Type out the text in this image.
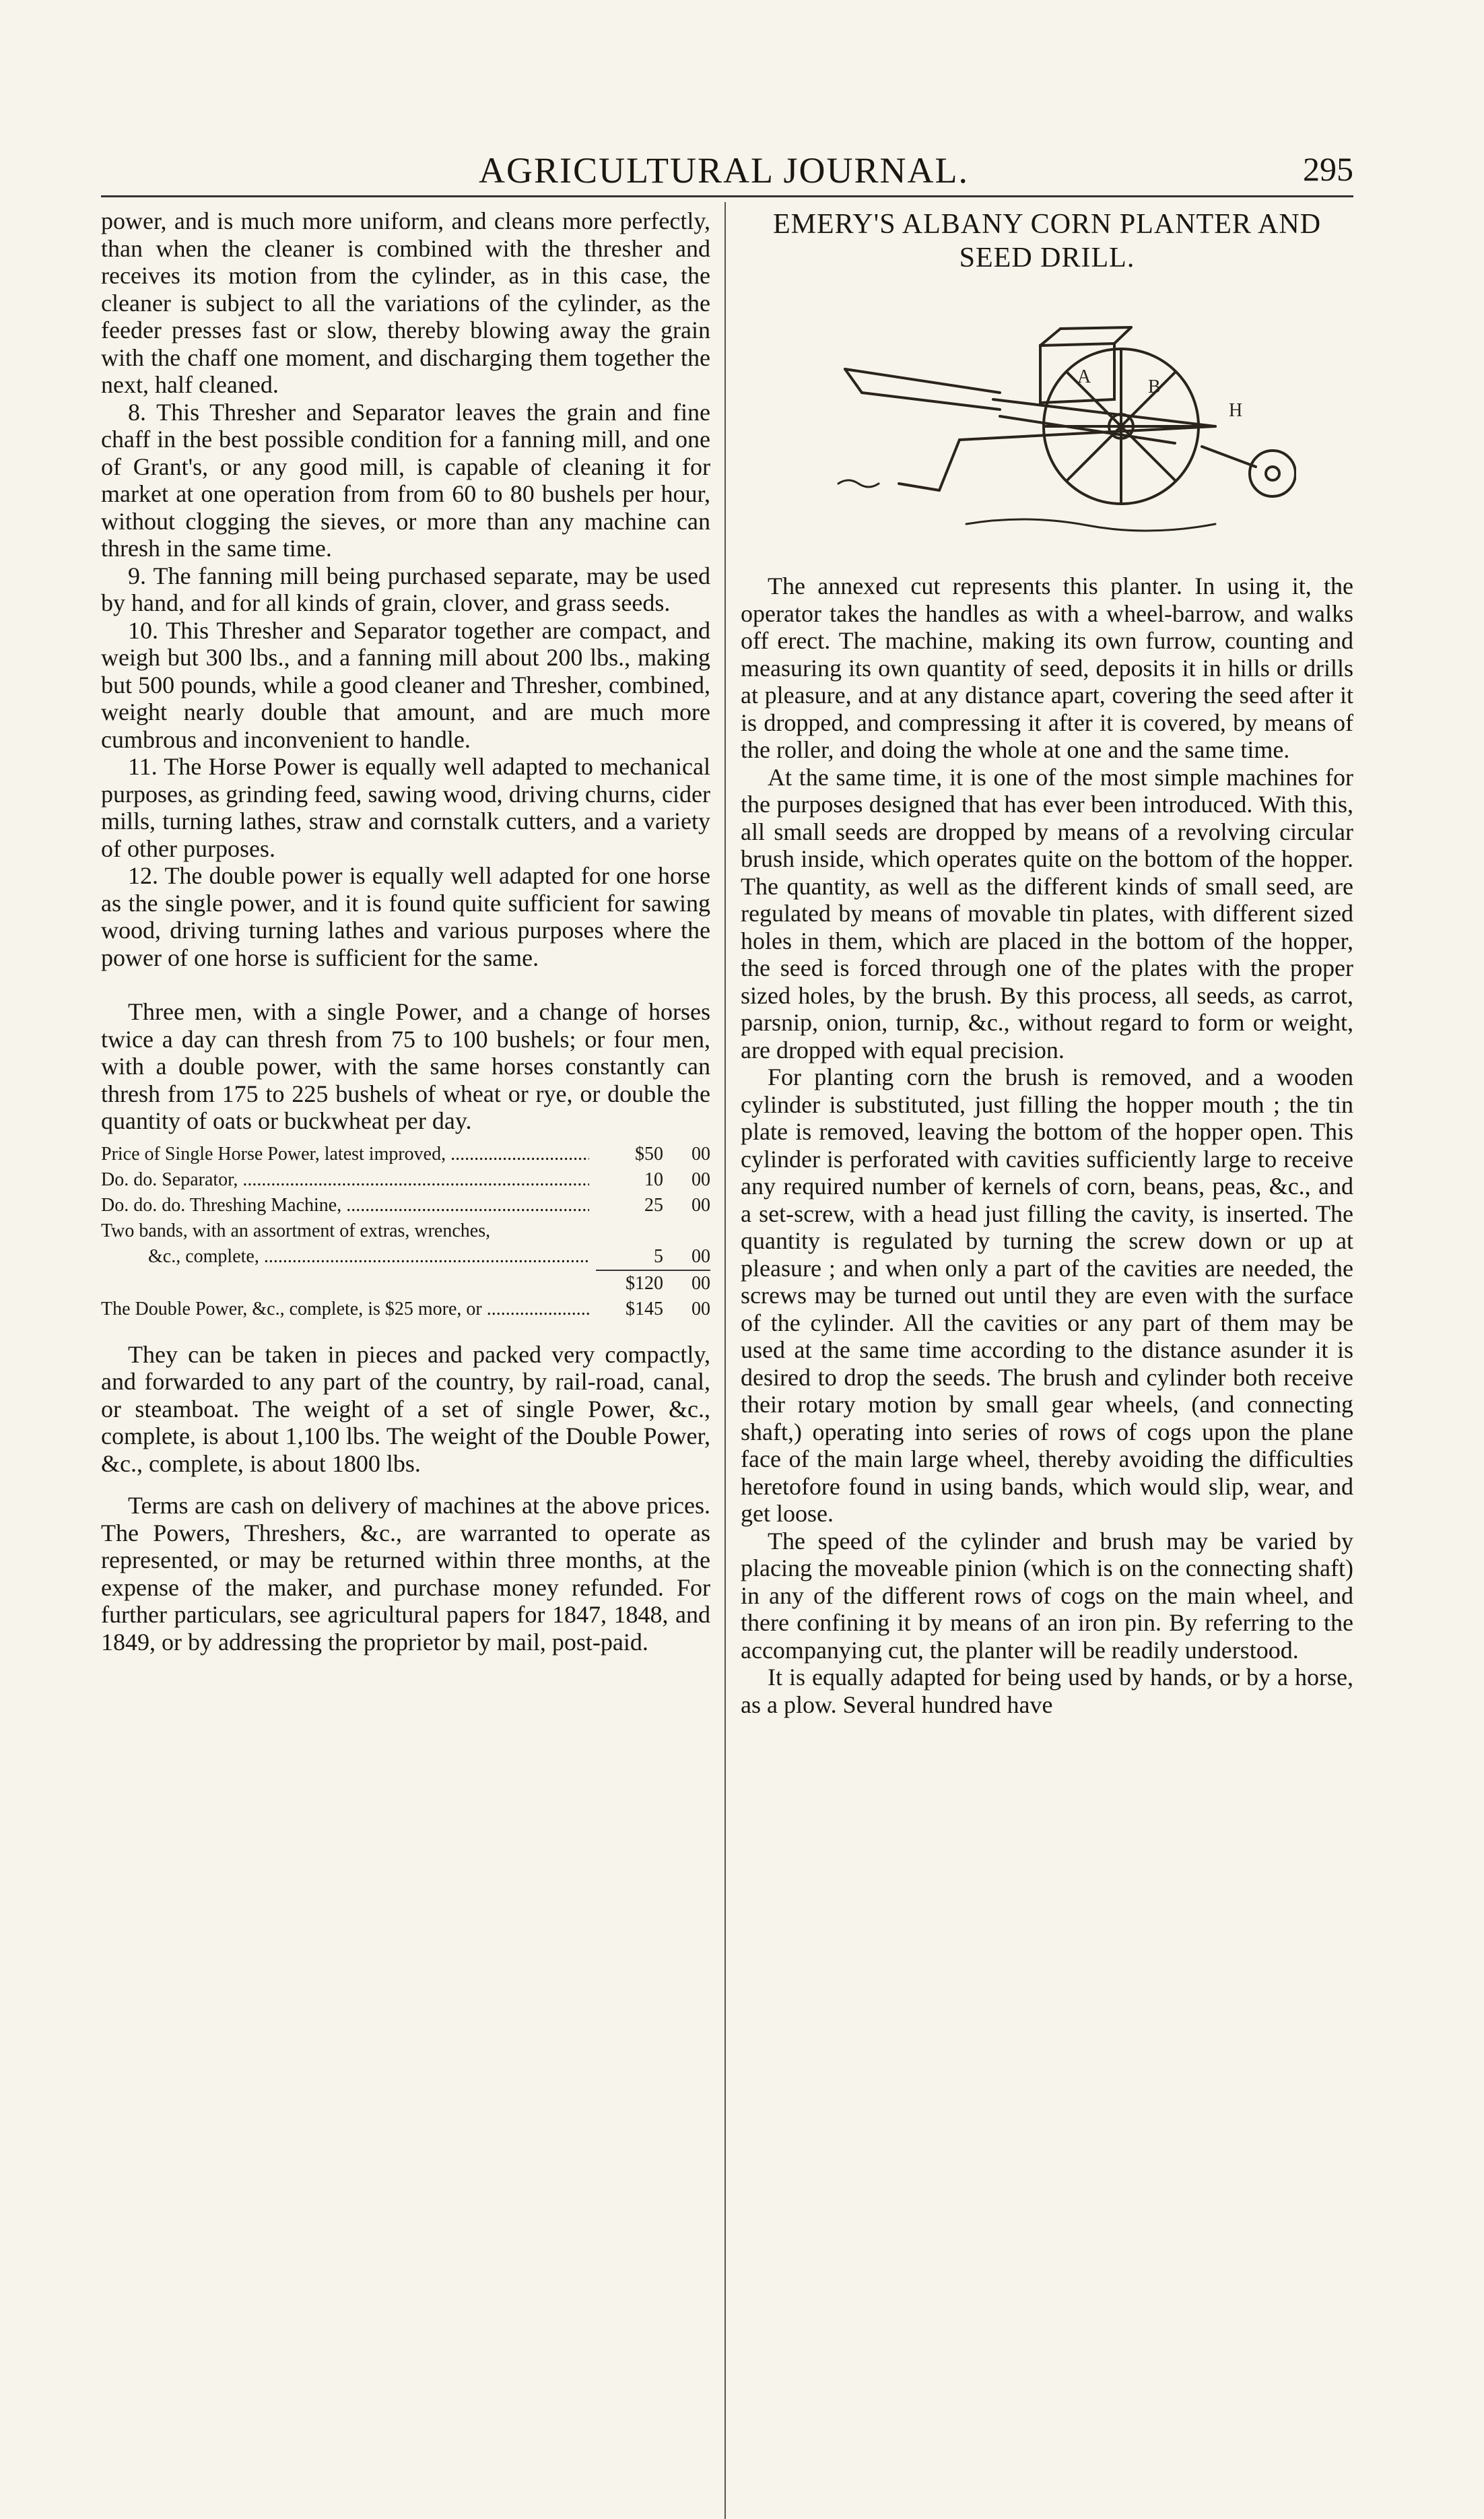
AGRICULTURAL JOURNAL.	295

power, and is much more uniform, and cleans more perfectly, than when the cleaner is combined with the thresher and receives its motion from the cylinder, as in this case, the cleaner is subject to all the variations of the cylinder, as the feeder presses fast or slow, thereby blowing away the grain with the chaff one moment, and discharging them together the next, half cleaned.

8. This Thresher and Separator leaves the grain and fine chaff in the best possible condition for a fanning mill, and one of Grant's, or any good mill, is capable of cleaning it for market at one operation from from 60 to 80 bushels per hour, without clogging the sieves, or more than any machine can thresh in the same time.

9. The fanning mill being purchased separate, may be used by hand, and for all kinds of grain, clover, and grass seeds.

10. This Thresher and Separator together are compact, and weigh but 300 lbs., and a fanning mill about 200 lbs., making but 500 pounds, while a good cleaner and Thresher, combined, weight nearly double that amount, and are much more cumbrous and inconvenient to handle.

11. The Horse Power is equally well adapted to mechanical purposes, as grinding feed, sawing wood, driving churns, cider mills, turning lathes, straw and cornstalk cutters, and a variety of other purposes.

12. The double power is equally well adapted for one horse as the single power, and it is found quite sufficient for sawing wood, driving turning lathes and various purposes where the power of one horse is sufficient for the same.

Three men, with a single Power, and a change of horses twice a day can thresh from 75 to 100 bushels; or four men, with a double power, with the same horses constantly can thresh from 175 to 225 bushels of wheat or rye, or double the quantity of oats or buckwheat per day.

Price of Single Horse Power, latest improved, .....	$50	00
Do. do. Separator, .....	10	00
Do. do. do. Threshing Machine, .....	25	00
Two bands, with an assortment of extras, wrenches,
&c., complete, .....	5	00
$120	00
The Double Power, &c., complete, is $25 more, or .....	$145	00

They can be taken in pieces and packed very compactly, and forwarded to any part of the country, by rail-road, canal, or steamboat. The weight of a set of single Power, &c., complete, is about 1,100 lbs. The weight of the Double Power, &c., complete, is about 1800 lbs.

Terms are cash on delivery of machines at the above prices. The Powers, Threshers, &c., are warranted to operate as represented, or may be returned within three months, at the expense of the maker, and purchase money refunded. For further particulars, see agricultural papers for 1847, 1848, and 1849, or by addressing the proprietor by mail, post-paid.

EMERY'S ALBANY CORN PLANTER AND
SEED DRILL.
A	B
H

The annexed cut represents this planter. In using it, the operator takes the handles as with a wheel-barrow, and walks off erect. The machine, making its own furrow, counting and measuring its own quantity of seed, deposits it in hills or drills at pleasure, and at any distance apart, covering the seed after it is dropped, and compressing it after it is covered, by means of the roller, and doing the whole at one and the same time.

At the same time, it is one of the most simple machines for the purposes designed that has ever been introduced. With this, all small seeds are dropped by means of a revolving circular brush inside, which operates quite on the bottom of the hopper. The quantity, as well as the different kinds of small seed, are regulated by means of movable tin plates, with different sized holes in them, which are placed in the bottom of the hopper, the seed is forced through one of the plates with the proper sized holes, by the brush. By this process, all seeds, as carrot, parsnip, onion, turnip, &c., without regard to form or weight, are dropped with equal precision.

For planting corn the brush is removed, and a wooden cylinder is substituted, just filling the hopper mouth ; the tin plate is removed, leaving the bottom of the hopper open. This cylinder is perforated with cavities sufficiently large to receive any required number of kernels of corn, beans, peas, &c., and a set-screw, with a head just filling the cavity, is inserted. The quantity is regulated by turning the screw down or up at pleasure ; and when only a part of the cavities are needed, the screws may be turned out until they are even with the surface of the cylinder. All the cavities or any part of them may be used at the same time according to the distance asunder it is desired to drop the seeds. The brush and cylinder both receive their rotary motion by small gear wheels, (and connecting shaft,) operating into series of rows of cogs upon the plane face of the main large wheel, thereby avoiding the difficulties heretofore found in using bands, which would slip, wear, and get loose.

The speed of the cylinder and brush may be varied by placing the moveable pinion (which is on the connecting shaft) in any of the different rows of cogs on the main wheel, and there confining it by means of an iron pin. By referring to the accompanying cut, the planter will be readily understood.

It is equally adapted for being used by hands, or by a horse, as a plow. Several hundred have
